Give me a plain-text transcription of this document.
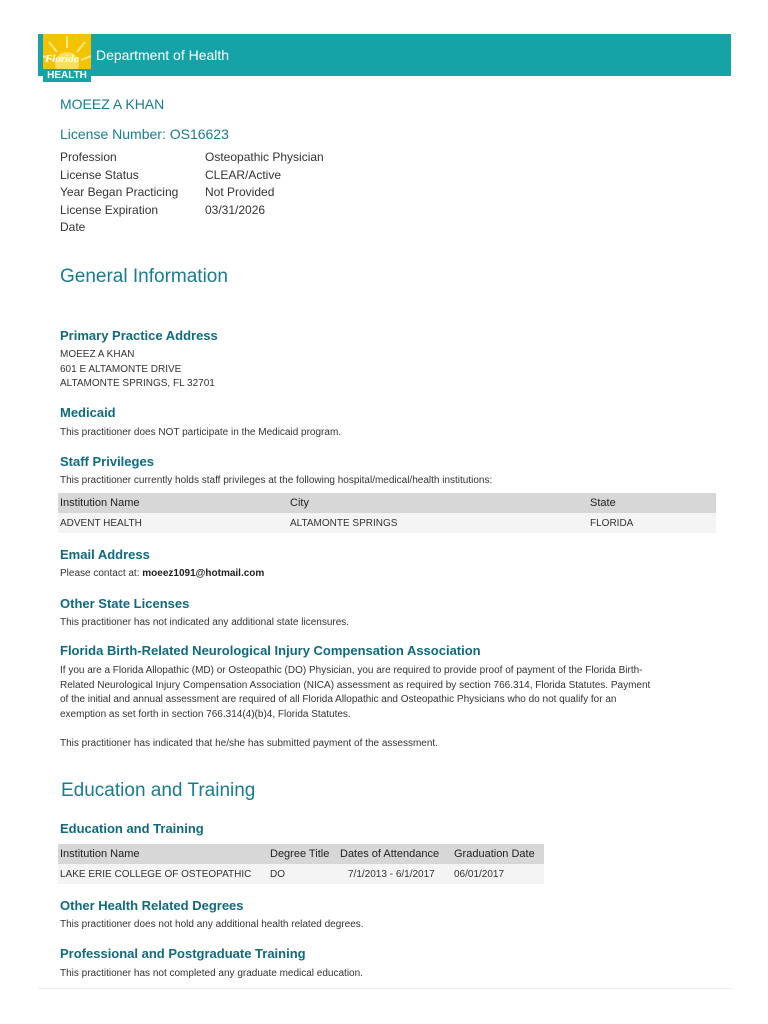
Florida
HEALTH
Department of Health
MOEEZ A KHAN
License Number: OS16623
Profession	Osteopathic Physician
License Status	CLEAR/Active
Year Began Practicing	Not Provided
License Expiration	03/31/2026
Date
General Information
Primary Practice Address
MOEEZ A KHAN
601 E ALTAMONTE DRIVE
ALTAMONTE SPRINGS, FL 32701
Medicaid
This practitioner does NOT participate in the Medicaid program.
Staff Privileges
This practitioner currently holds staff privileges at the following hospital/medical/health institutions:
Institution Name	City	State
ADVENT HEALTH	ALTAMONTE SPRINGS	FLORIDA
Email Address
Please contact at: moeez1091@hotmail.com
Other State Licenses
This practitioner has not indicated any additional state licensures.
Florida Birth-Related Neurological Injury Compensation Association
If you are a Florida Allopathic (MD) or Osteopathic (DO) Physician, you are required to provide proof of payment of the Florida Birth-
Related Neurological Injury Compensation Association (NICA) assessment as required by section 766.314, Florida Statutes. Payment
of the initial and annual assessment are required of all Florida Allopathic and Osteopathic Physicians who do not qualify for an
exemption as set forth in section 766.314(4)(b)4, Florida Statutes.
This practitioner has indicated that he/she has submitted payment of the assessment.
Education and Training
Education and Training
Institution Name	Degree Title	Dates of Attendance	Graduation Date
LAKE ERIE COLLEGE OF OSTEOPATHIC	DO	7/1/2013 - 6/1/2017	06/01/2017
Other Health Related Degrees
This practitioner does not hold any additional health related degrees.
Professional and Postgraduate Training
This practitioner has not completed any graduate medical education.
